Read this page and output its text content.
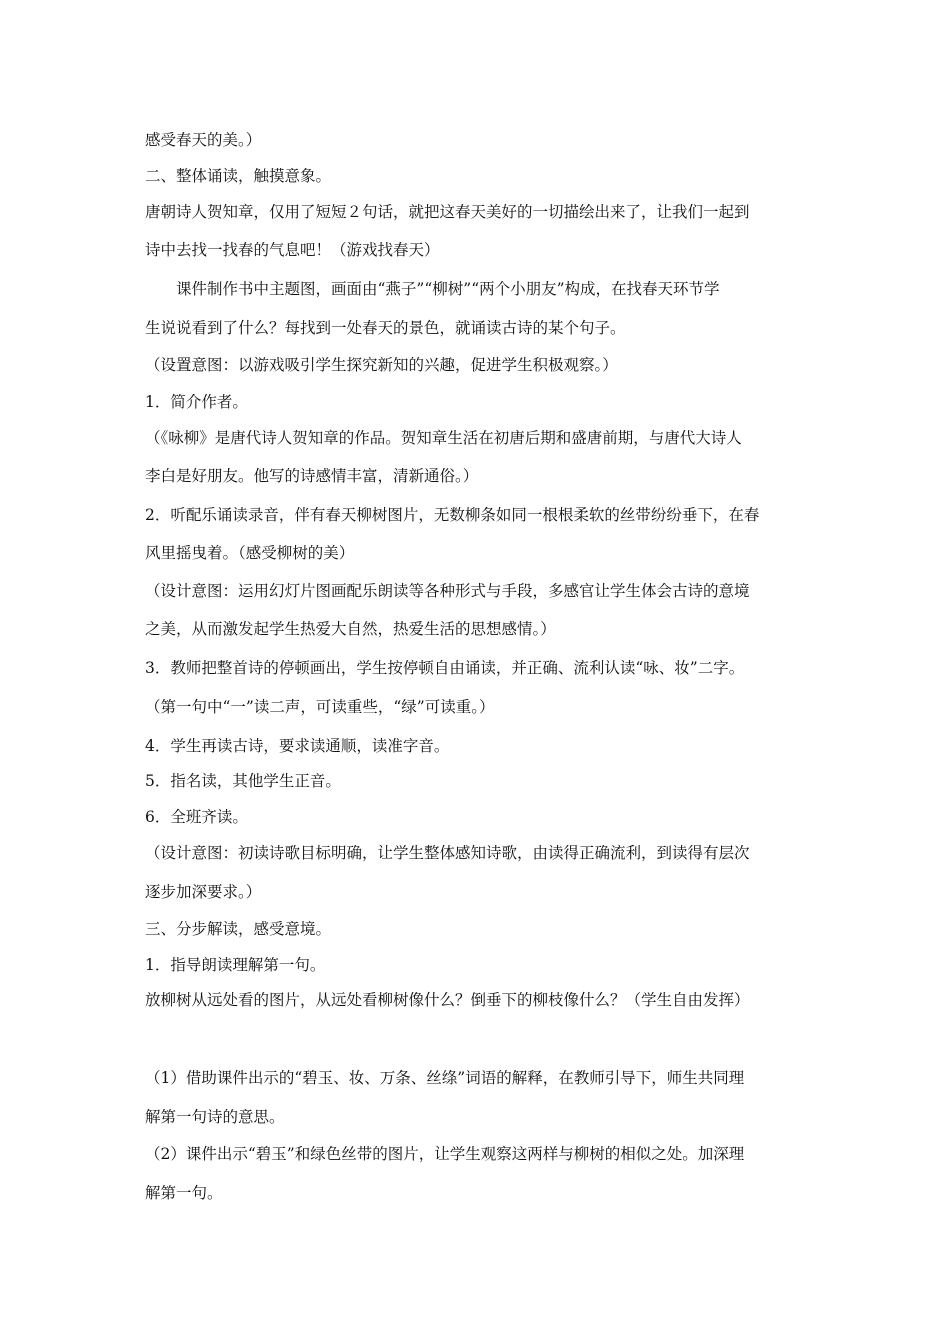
感受春天的美。）
二、整体诵读，触摸意象。
唐朝诗人贺知章，仅用了短短２句话，就把这春天美好的一切描绘出来了，让我们一起到
诗中去找一找春的气息吧！（游戏找春天）
　　课件制作书中主题图，画面由“燕子”“柳树”“两个小朋友”构成，在找春天环节学
生说说看到了什么？每找到一处春天的景色，就诵读古诗的某个句子。
（设置意图：以游戏吸引学生探究新知的兴趣，促进学生积极观察。）
1．简介作者。
（《咏柳》是唐代诗人贺知章的作品。贺知章生活在初唐后期和盛唐前期，与唐代大诗人
李白是好朋友。他写的诗感情丰富，清新通俗。）
2．听配乐诵读录音，伴有春天柳树图片，无数柳条如同一根根柔软的丝带纷纷垂下，在春
风里摇曳着。（感受柳树的美）
（设计意图：运用幻灯片图画配乐朗读等各种形式与手段，多感官让学生体会古诗的意境
之美，从而激发起学生热爱大自然，热爱生活的思想感情。）
3．教师把整首诗的停顿画出，学生按停顿自由诵读，并正确、流利认读“咏、妆”二字。
（第一句中“一”读二声，可读重些，“绿”可读重。）
4．学生再读古诗，要求读通顺，读准字音。
5．指名读，其他学生正音。
6．全班齐读。
（设计意图：初读诗歌目标明确，让学生整体感知诗歌，由读得正确流利，到读得有层次
逐步加深要求。）
三、分步解读，感受意境。
1．指导朗读理解第一句。
放柳树从远处看的图片，从远处看柳树像什么？倒垂下的柳枝像什么？（学生自由发挥）
（1）借助课件出示的“碧玉、妆、万条、丝绦”词语的解释，在教师引导下，师生共同理
解第一句诗的意思。
（2）课件出示“碧玉”和绿色丝带的图片，让学生观察这两样与柳树的相似之处。加深理
解第一句。
